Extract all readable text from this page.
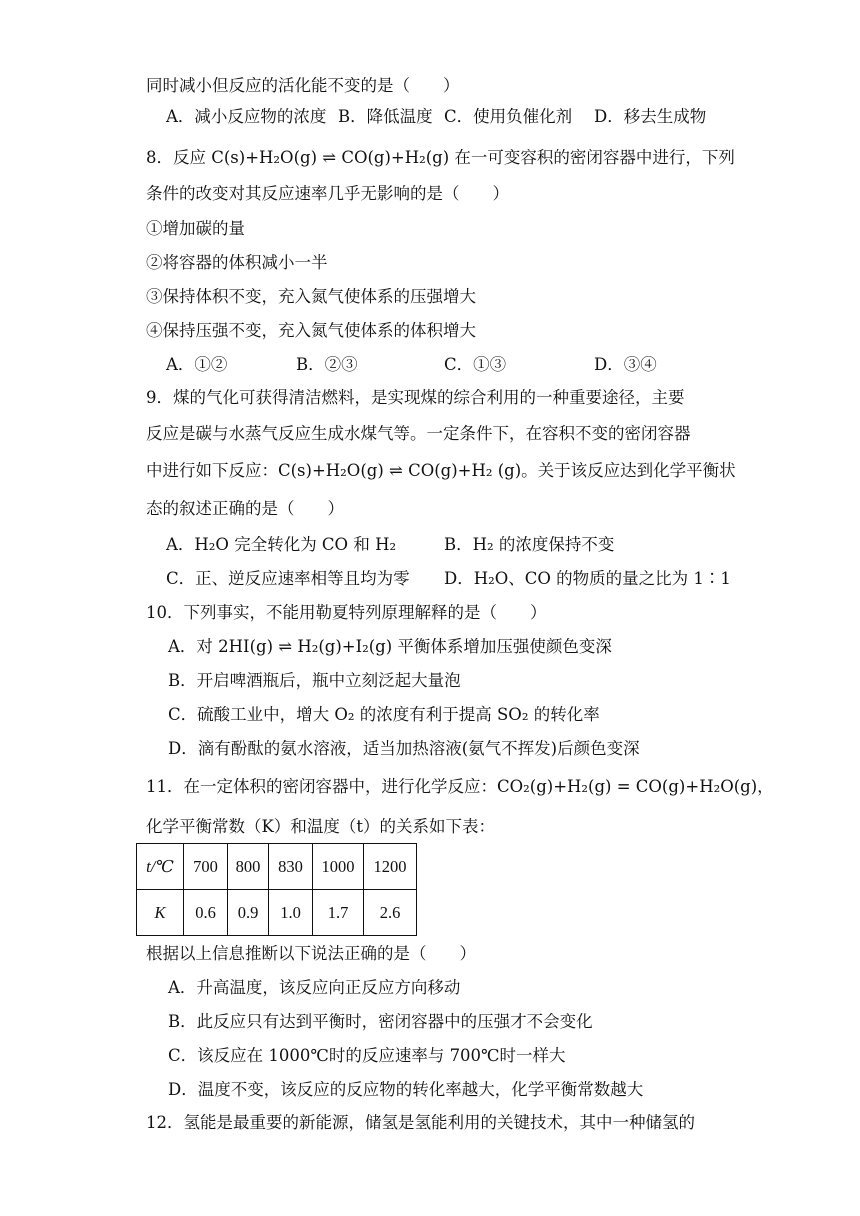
同时减小但反应的活化能不变的是（　　）
A．减小反应物的浓度 B．降低温度 C．使用负催化剂 D．移去生成物
8．反应 C(s)+H₂O(g) ⇌ CO(g)+H₂(g) 在一可变容积的密闭容器中进行，下列
条件的改变对其反应速率几乎无影响的是（　　）
①增加碳的量
②将容器的体积减小一半
③保持体积不变，充入氮气使体系的压强增大
④保持压强不变，充入氮气使体系的体积增大
A．①②	B．②③	C．①③	D．③④
9．煤的气化可获得清洁燃料，是实现煤的综合利用的一种重要途径，主要
反应是碳与水蒸气反应生成水煤气等。一定条件下，在容积不变的密闭容器
中进行如下反应：C(s)+H₂O(g) ⇌ CO(g)+H₂ (g)。关于该反应达到化学平衡状
态的叙述正确的是（　　）
A．H₂O 完全转化为 CO 和 H₂	B．H₂ 的浓度保持不变
C．正、逆反应速率相等且均为零 D．H₂O、CO 的物质的量之比为 1∶1
10．下列事实，不能用勒夏特列原理解释的是（　　）
A．对 2HI(g) ⇌ H₂(g)+I₂(g) 平衡体系增加压强使颜色变深
B．开启啤酒瓶后，瓶中立刻泛起大量泡
C．硫酸工业中，增大 O₂ 的浓度有利于提高 SO₂ 的转化率
D．滴有酚酞的氨水溶液，适当加热溶液(氨气不挥发)后颜色变深
11．在一定体积的密闭容器中，进行化学反应：CO₂(g)+H₂(g) = CO(g)+H₂O(g)，
化学平衡常数（K）和温度（t）的关系如下表：
t/℃	700	800	830	1000	1200
K	0.6	0.9	1.0	1.7	2.6
根据以上信息推断以下说法正确的是（　　）
A．升高温度，该反应向正反应方向移动
B．此反应只有达到平衡时，密闭容器中的压强才不会变化
C．该反应在 1000℃时的反应速率与 700℃时一样大
D．温度不变，该反应的反应物的转化率越大，化学平衡常数越大
12．氢能是最重要的新能源，储氢是氢能利用的关键技术，其中一种储氢的
